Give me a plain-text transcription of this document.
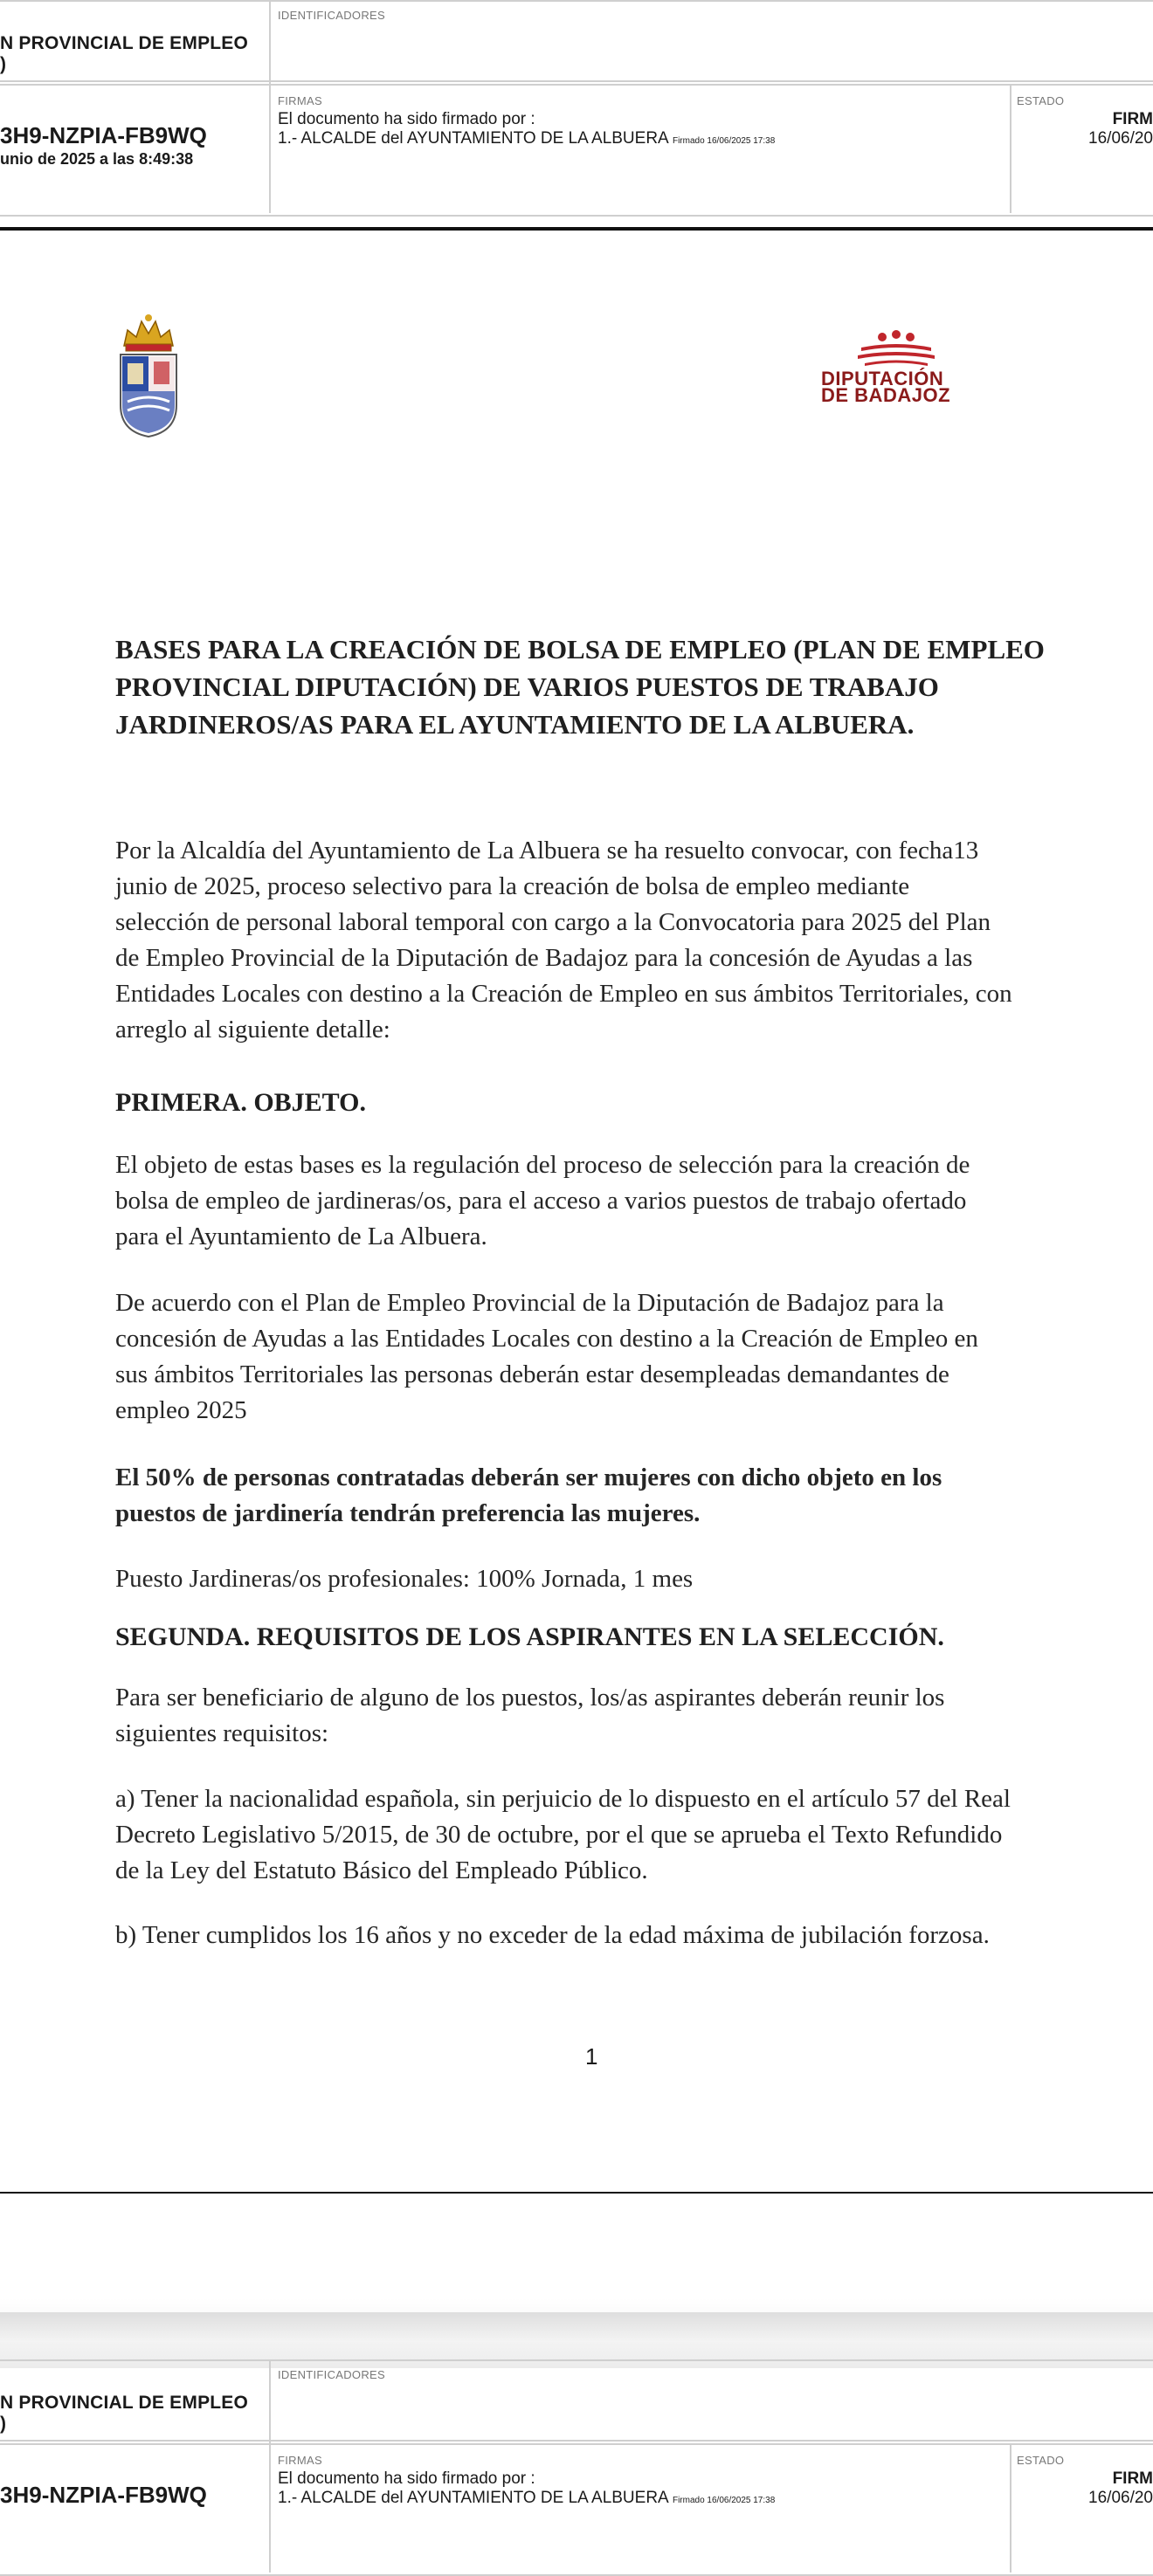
N PROVINCIAL DE EMPLEO
)
IDENTIFICADORES
3H9-NZPIA-FB9WQ
unio de 2025 a las 8:49:38
FIRMAS
El documento ha sido firmado por :
1.- ALCALDE del AYUNTAMIENTO DE LA ALBUERA Firmado 16/06/2025 17:38
ESTADO
FIRM
16/06/20
DIPUTACIÓN
DE BADAJOZ
BASES PARA LA CREACIÓN DE BOLSA DE EMPLEO (PLAN DE EMPLEO
PROVINCIAL DIPUTACIÓN) DE VARIOS PUESTOS DE TRABAJO
JARDINEROS/AS PARA EL AYUNTAMIENTO DE LA ALBUERA.
Por la Alcaldía del Ayuntamiento de La Albuera se ha resuelto convocar, con fecha13
junio de 2025, proceso selectivo para la creación de bolsa de empleo mediante
selección de personal laboral temporal con cargo a la Convocatoria para 2025 del Plan
de Empleo Provincial de la Diputación de Badajoz para la concesión de Ayudas a las
Entidades Locales con destino a la Creación de Empleo en sus ámbitos Territoriales, con
arreglo al siguiente detalle:
PRIMERA. OBJETO.
El objeto de estas bases es la regulación del proceso de selección para la creación de
bolsa de empleo de jardineras/os, para el acceso a varios puestos de trabajo ofertado
para el Ayuntamiento de La Albuera.
De acuerdo con el Plan de Empleo Provincial de la Diputación de Badajoz para la
concesión de Ayudas a las Entidades Locales con destino a la Creación de Empleo en
sus ámbitos Territoriales las personas deberán estar desempleadas demandantes de
empleo 2025
El 50% de personas contratadas deberán ser mujeres con dicho objeto en los
puestos de jardinería tendrán preferencia las mujeres.
Puesto Jardineras/os profesionales: 100% Jornada, 1 mes
SEGUNDA. REQUISITOS DE LOS ASPIRANTES EN LA SELECCIÓN.
Para ser beneficiario de alguno de los puestos, los/as aspirantes deberán reunir los
siguientes requisitos:
a) Tener la nacionalidad española, sin perjuicio de lo dispuesto en el artículo 57 del Real
Decreto Legislativo 5/2015, de 30 de octubre, por el que se aprueba el Texto Refundido
de la Ley del Estatuto Básico del Empleado Público.
b) Tener cumplidos los 16 años y no exceder de la edad máxima de jubilación forzosa.
1
N PROVINCIAL DE EMPLEO
)
IDENTIFICADORES
3H9-NZPIA-FB9WQ
FIRMAS
El documento ha sido firmado por :
1.- ALCALDE del AYUNTAMIENTO DE LA ALBUERA Firmado 16/06/2025 17:38
ESTADO
FIRM
16/06/20
